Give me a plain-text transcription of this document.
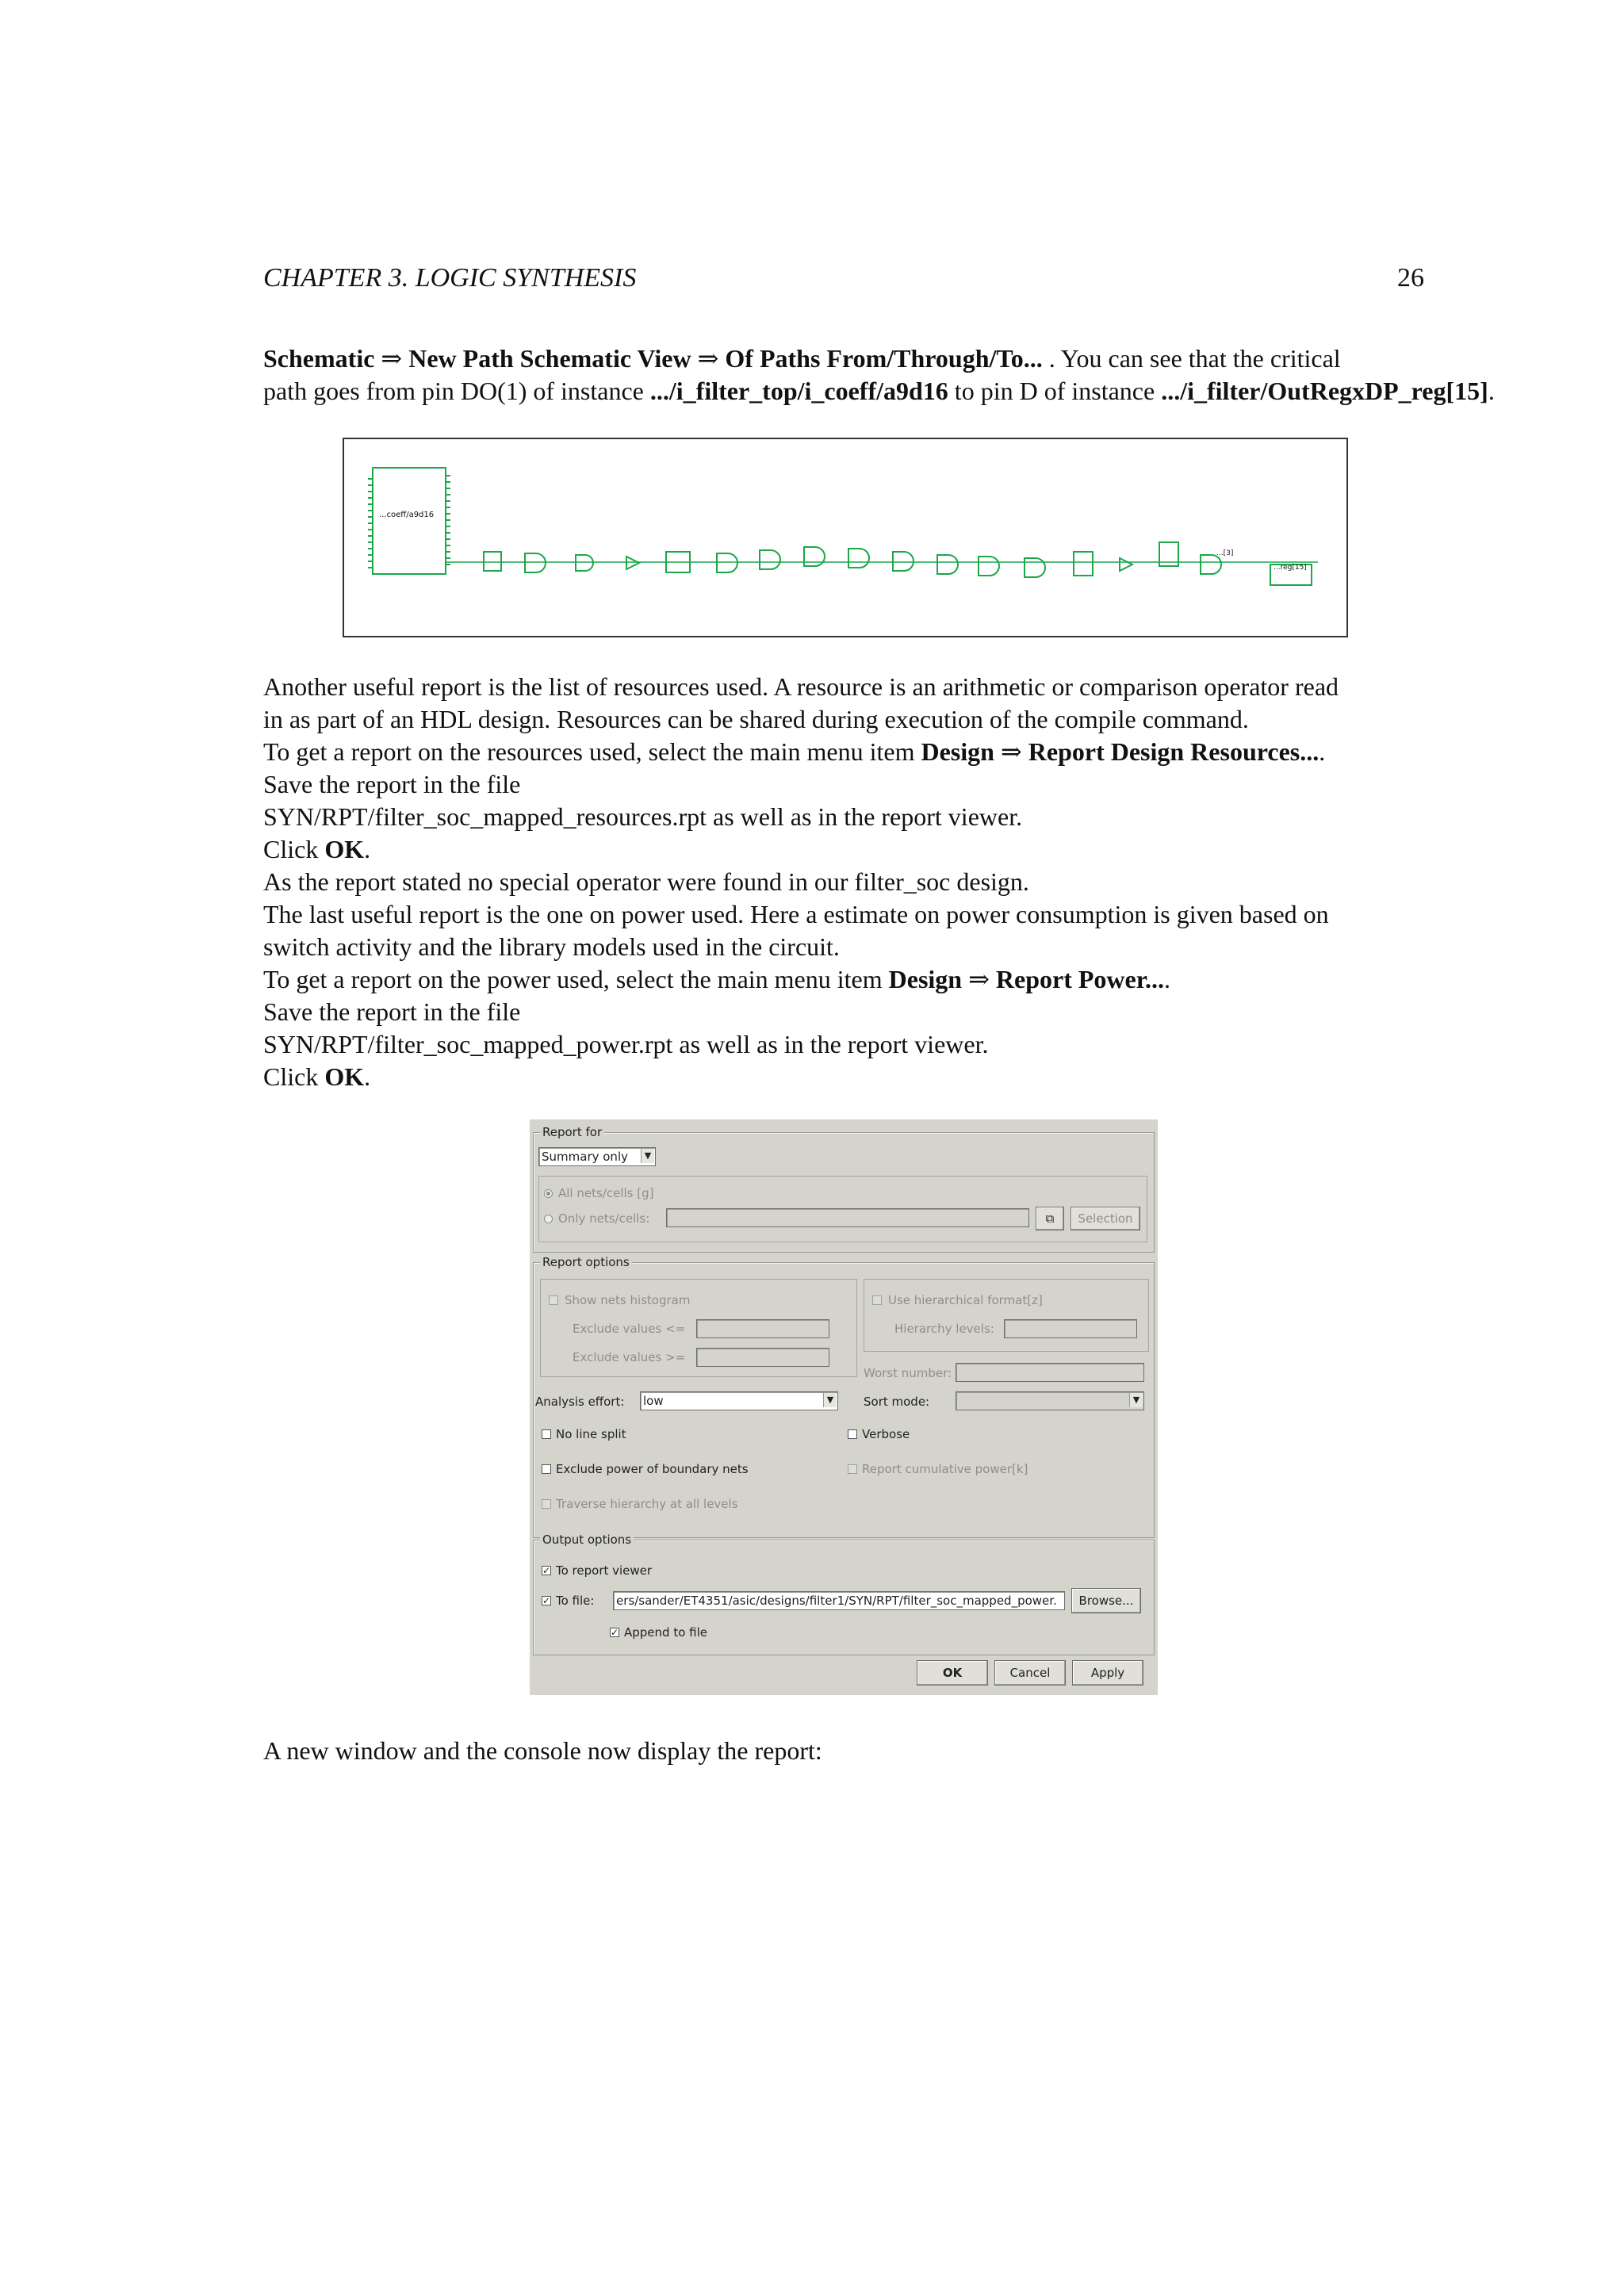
CHAPTER 3. LOGIC SYNTHESIS	26
Schematic ⇒ New Path Schematic View ⇒ Of Paths From/Through/To... . You can see that the critical
path goes from pin DO(1) of instance .../i_filter_top/i_coeff/a9d16 to pin D of instance .../i_filter/OutRegxDP_reg[15].
...coeff/a9d16
...reg[15]
...[3]
Another useful report is the list of resources used. A resource is an arithmetic or comparison operator read
in as part of an HDL design. Resources can be shared during execution of the compile command.
To get a report on the resources used, select the main menu item Design ⇒ Report Design Resources....
Save the report in the file
SYN/RPT/filter_soc_mapped_resources.rpt as well as in the report viewer.
Click OK.
As the report stated no special operator were found in our filter_soc design.
The last useful report is the one on power used. Here a estimate on power consumption is given based on
switch activity and the library models used in the circuit.
To get a report on the power used, select the main menu item Design ⇒ Report Power....
Save the report in the file
SYN/RPT/filter_soc_mapped_power.rpt as well as in the report viewer.
Click OK.
Report for
Summary only	▼
All nets/cells [g]
Only nets/cells:	⧉	Selection
Report options
Show nets histogram
Exclude values <=
Exclude values >=
Use hierarchical format[z]
Hierarchy levels:
Worst number:
Analysis effort: low	▼	Sort mode:	▼
No line split	Verbose
Exclude power of boundary nets	Report cumulative power[k]
Traverse hierarchy at all levels
Output options
✓ To report viewer
✓ To file: ers/sander/ET4351/asic/designs/filter1/SYN/RPT/filter_soc_mapped_power.	Browse...
✓ Append to file
OK	Cancel	Apply
A new window and the console now display the report:
